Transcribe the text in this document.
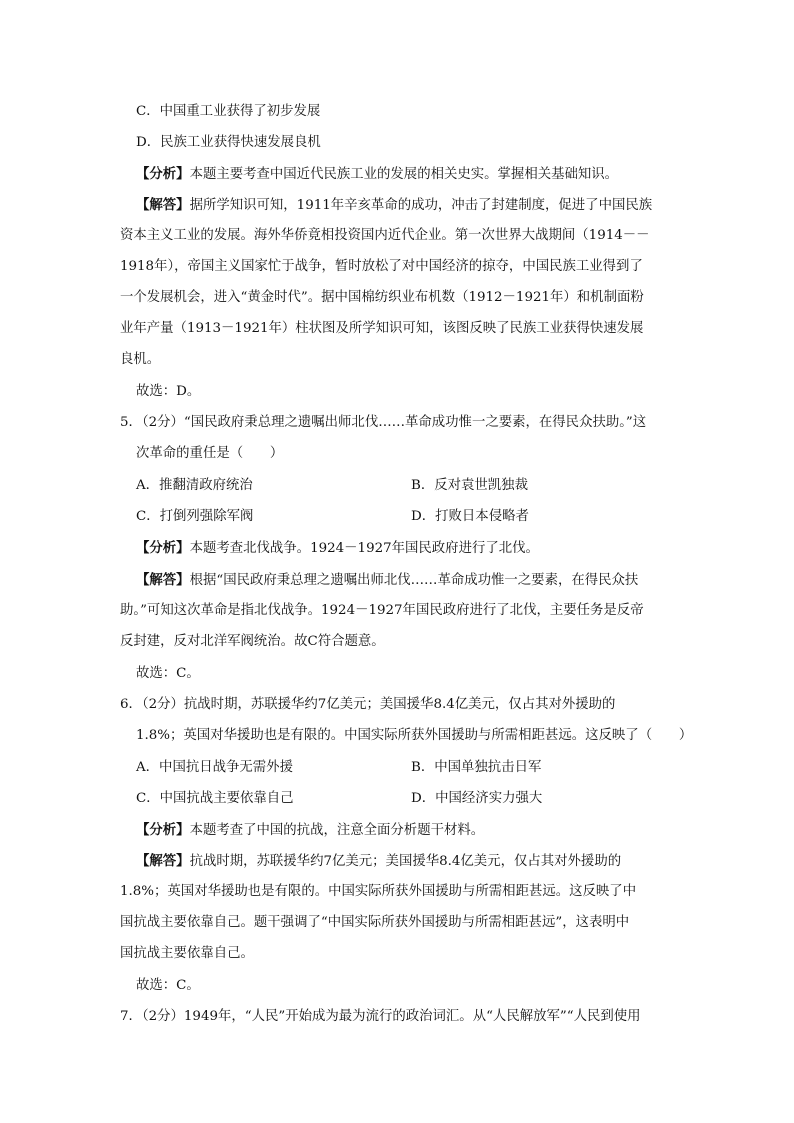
C．中国重工业获得了初步发展
D．民族工业获得快速发展良机
【分析】本题主要考查中国近代民族工业的发展的相关史实。掌握相关基础知识。
【解答】据所学知识可知，1911年辛亥革命的成功，冲击了封建制度，促进了中国民族
资本主义工业的发展。海外华侨竟相投资国内近代企业。第一次世界大战期间（1914－－
1918年），帝国主义国家忙于战争，暂时放松了对中国经济的掠夺，中国民族工业得到了
一个发展机会，进入“黄金时代”。据中国棉纺织业布机数（1912－1921年）和机制面粉
业年产量（1913－1921年）柱状图及所学知识可知，该图反映了民族工业获得快速发展
良机。
故选：D。
5．（2分）“国民政府秉总理之遗嘱出师北伐……革命成功惟一之要素，在得民众扶助。”这
次革命的重任是（　　）
A．推翻清政府统治	B．反对袁世凯独裁
C．打倒列强除军阀	D．打败日本侵略者
【分析】本题考查北伐战争。1924－1927年国民政府进行了北伐。
【解答】根据“国民政府秉总理之遗嘱出师北伐……革命成功惟一之要素，在得民众扶
助。”可知这次革命是指北伐战争。1924－1927年国民政府进行了北伐，主要任务是反帝
反封建，反对北洋军阀统治。故C符合题意。
故选：C。
6．（2分）抗战时期，苏联援华约7亿美元；美国援华8.4亿美元，仅占其对外援助的
1.8%；英国对华援助也是有限的。中国实际所获外国援助与所需相距甚远。这反映了（　　）
A．中国抗日战争无需外援	B．中国单独抗击日军
C．中国抗战主要依靠自己	D．中国经济实力强大
【分析】本题考查了中国的抗战，注意全面分析题干材料。
【解答】抗战时期，苏联援华约7亿美元；美国援华8.4亿美元，仅占其对外援助的
1.8%；英国对华援助也是有限的。中国实际所获外国援助与所需相距甚远。这反映了中
国抗战主要依靠自己。题干强调了“中国实际所获外国援助与所需相距甚远”，这表明中
国抗战主要依靠自己。
故选：C。
7．（2分）1949年，“人民”开始成为最为流行的政治词汇。从“人民解放军”“人民到使用
